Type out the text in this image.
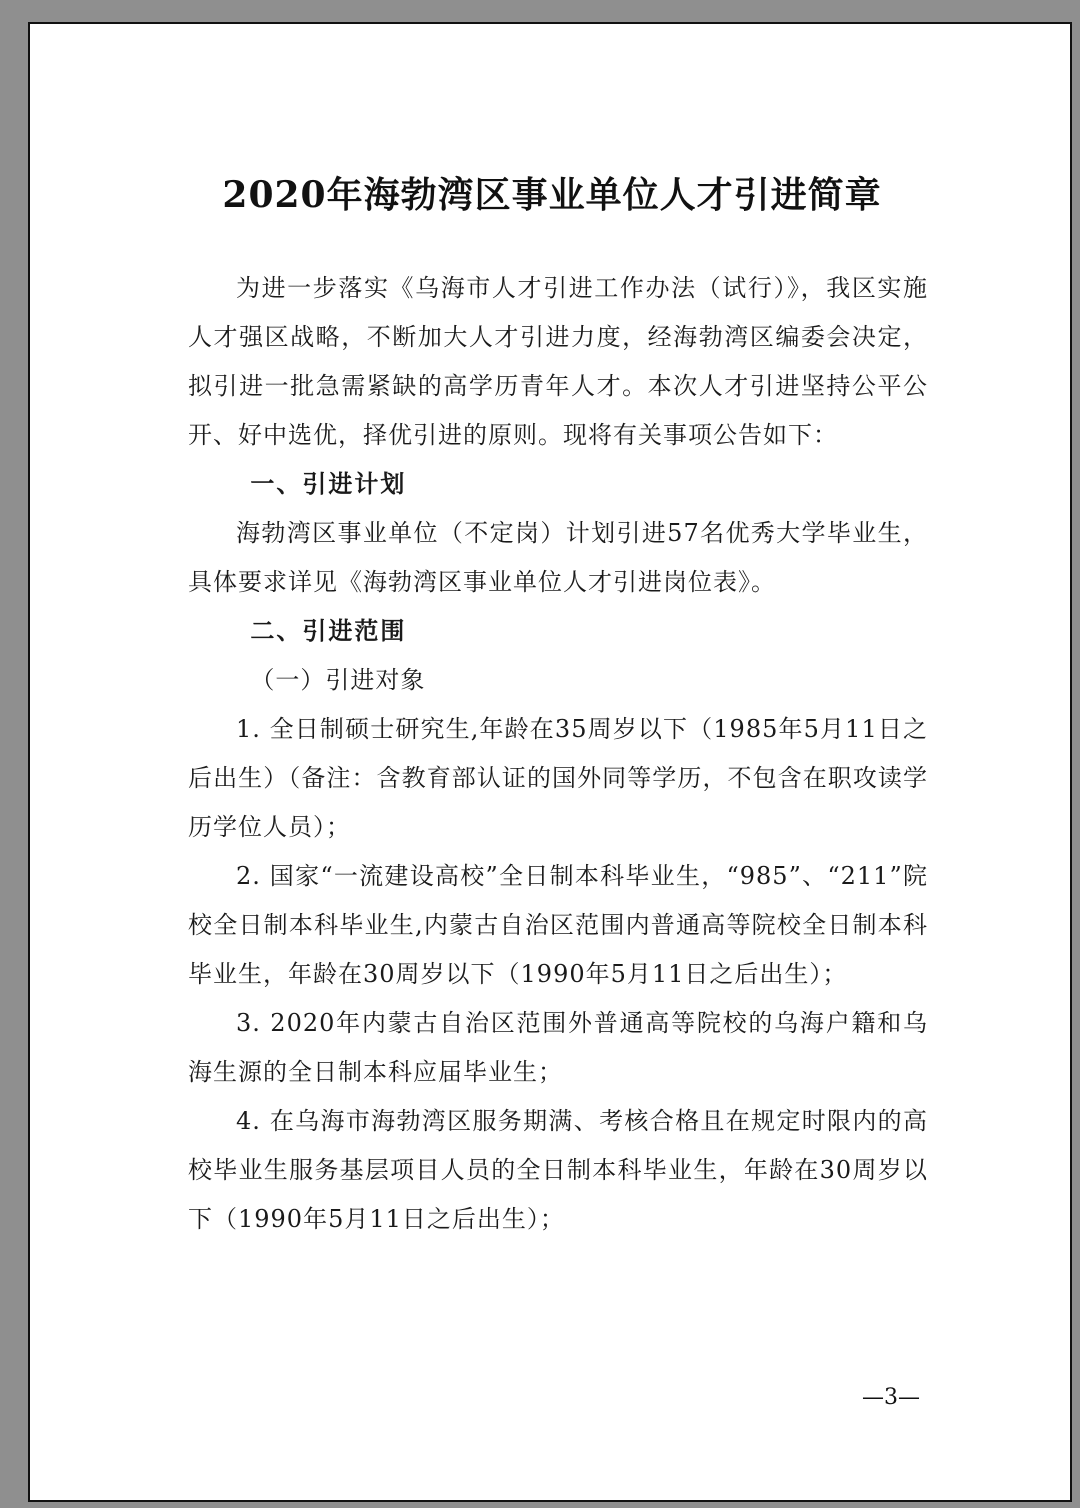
2020年海勃湾区事业单位人才引进简章

为进一步落实《乌海市人才引进工作办法（试行）》，我区实施人才强区战略，不断加大人才引进力度，经海勃湾区编委会决定，拟引进一批急需紧缺的高学历青年人才。本次人才引进坚持公平公开、好中选优，择优引进的原则。现将有关事项公告如下：

一、引进计划

海勃湾区事业单位（不定岗）计划引进57名优秀大学毕业生，具体要求详见《海勃湾区事业单位人才引进岗位表》。

二、引进范围

（一）引进对象

1. 全日制硕士研究生,年龄在35周岁以下（1985年5月11日之后出生）（备注：含教育部认证的国外同等学历，不包含在职攻读学历学位人员）；

2. 国家“一流建设高校”全日制本科毕业生，“985”、“211”院校全日制本科毕业生,内蒙古自治区范围内普通高等院校全日制本科毕业生，年龄在30周岁以下（1990年5月11日之后出生）；

3. 2020年内蒙古自治区范围外普通高等院校的乌海户籍和乌海生源的全日制本科应届毕业生；

4. 在乌海市海勃湾区服务期满、考核合格且在规定时限内的高校毕业生服务基层项目人员的全日制本科毕业生，年龄在30周岁以下（1990年5月11日之后出生）；

—3—
